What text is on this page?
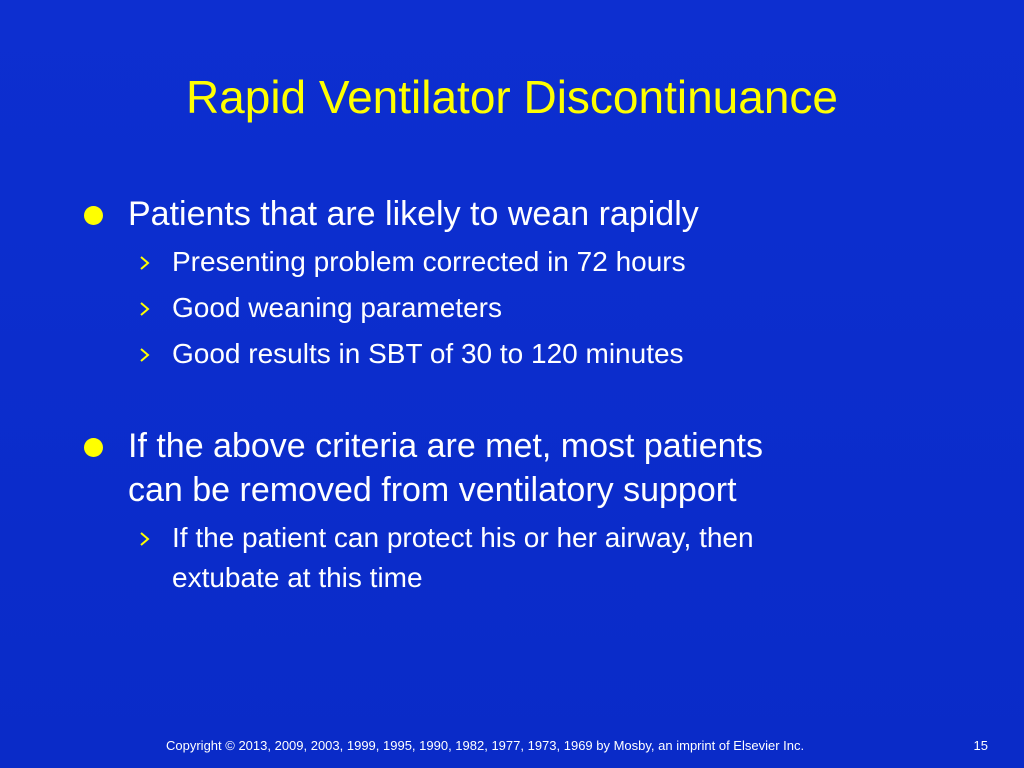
Rapid Ventilator Discontinuance
Patients that are likely to wean rapidly
Presenting problem corrected in 72 hours
Good weaning parameters
Good results in SBT of 30 to 120 minutes
If the above criteria are met, most patients
can be removed from ventilatory support
If the patient can protect his or her airway, then
extubate at this time
Copyright © 2013, 2009, 2003, 1999, 1995, 1990, 1982, 1977, 1973, 1969 by Mosby, an imprint of Elsevier Inc.	15
